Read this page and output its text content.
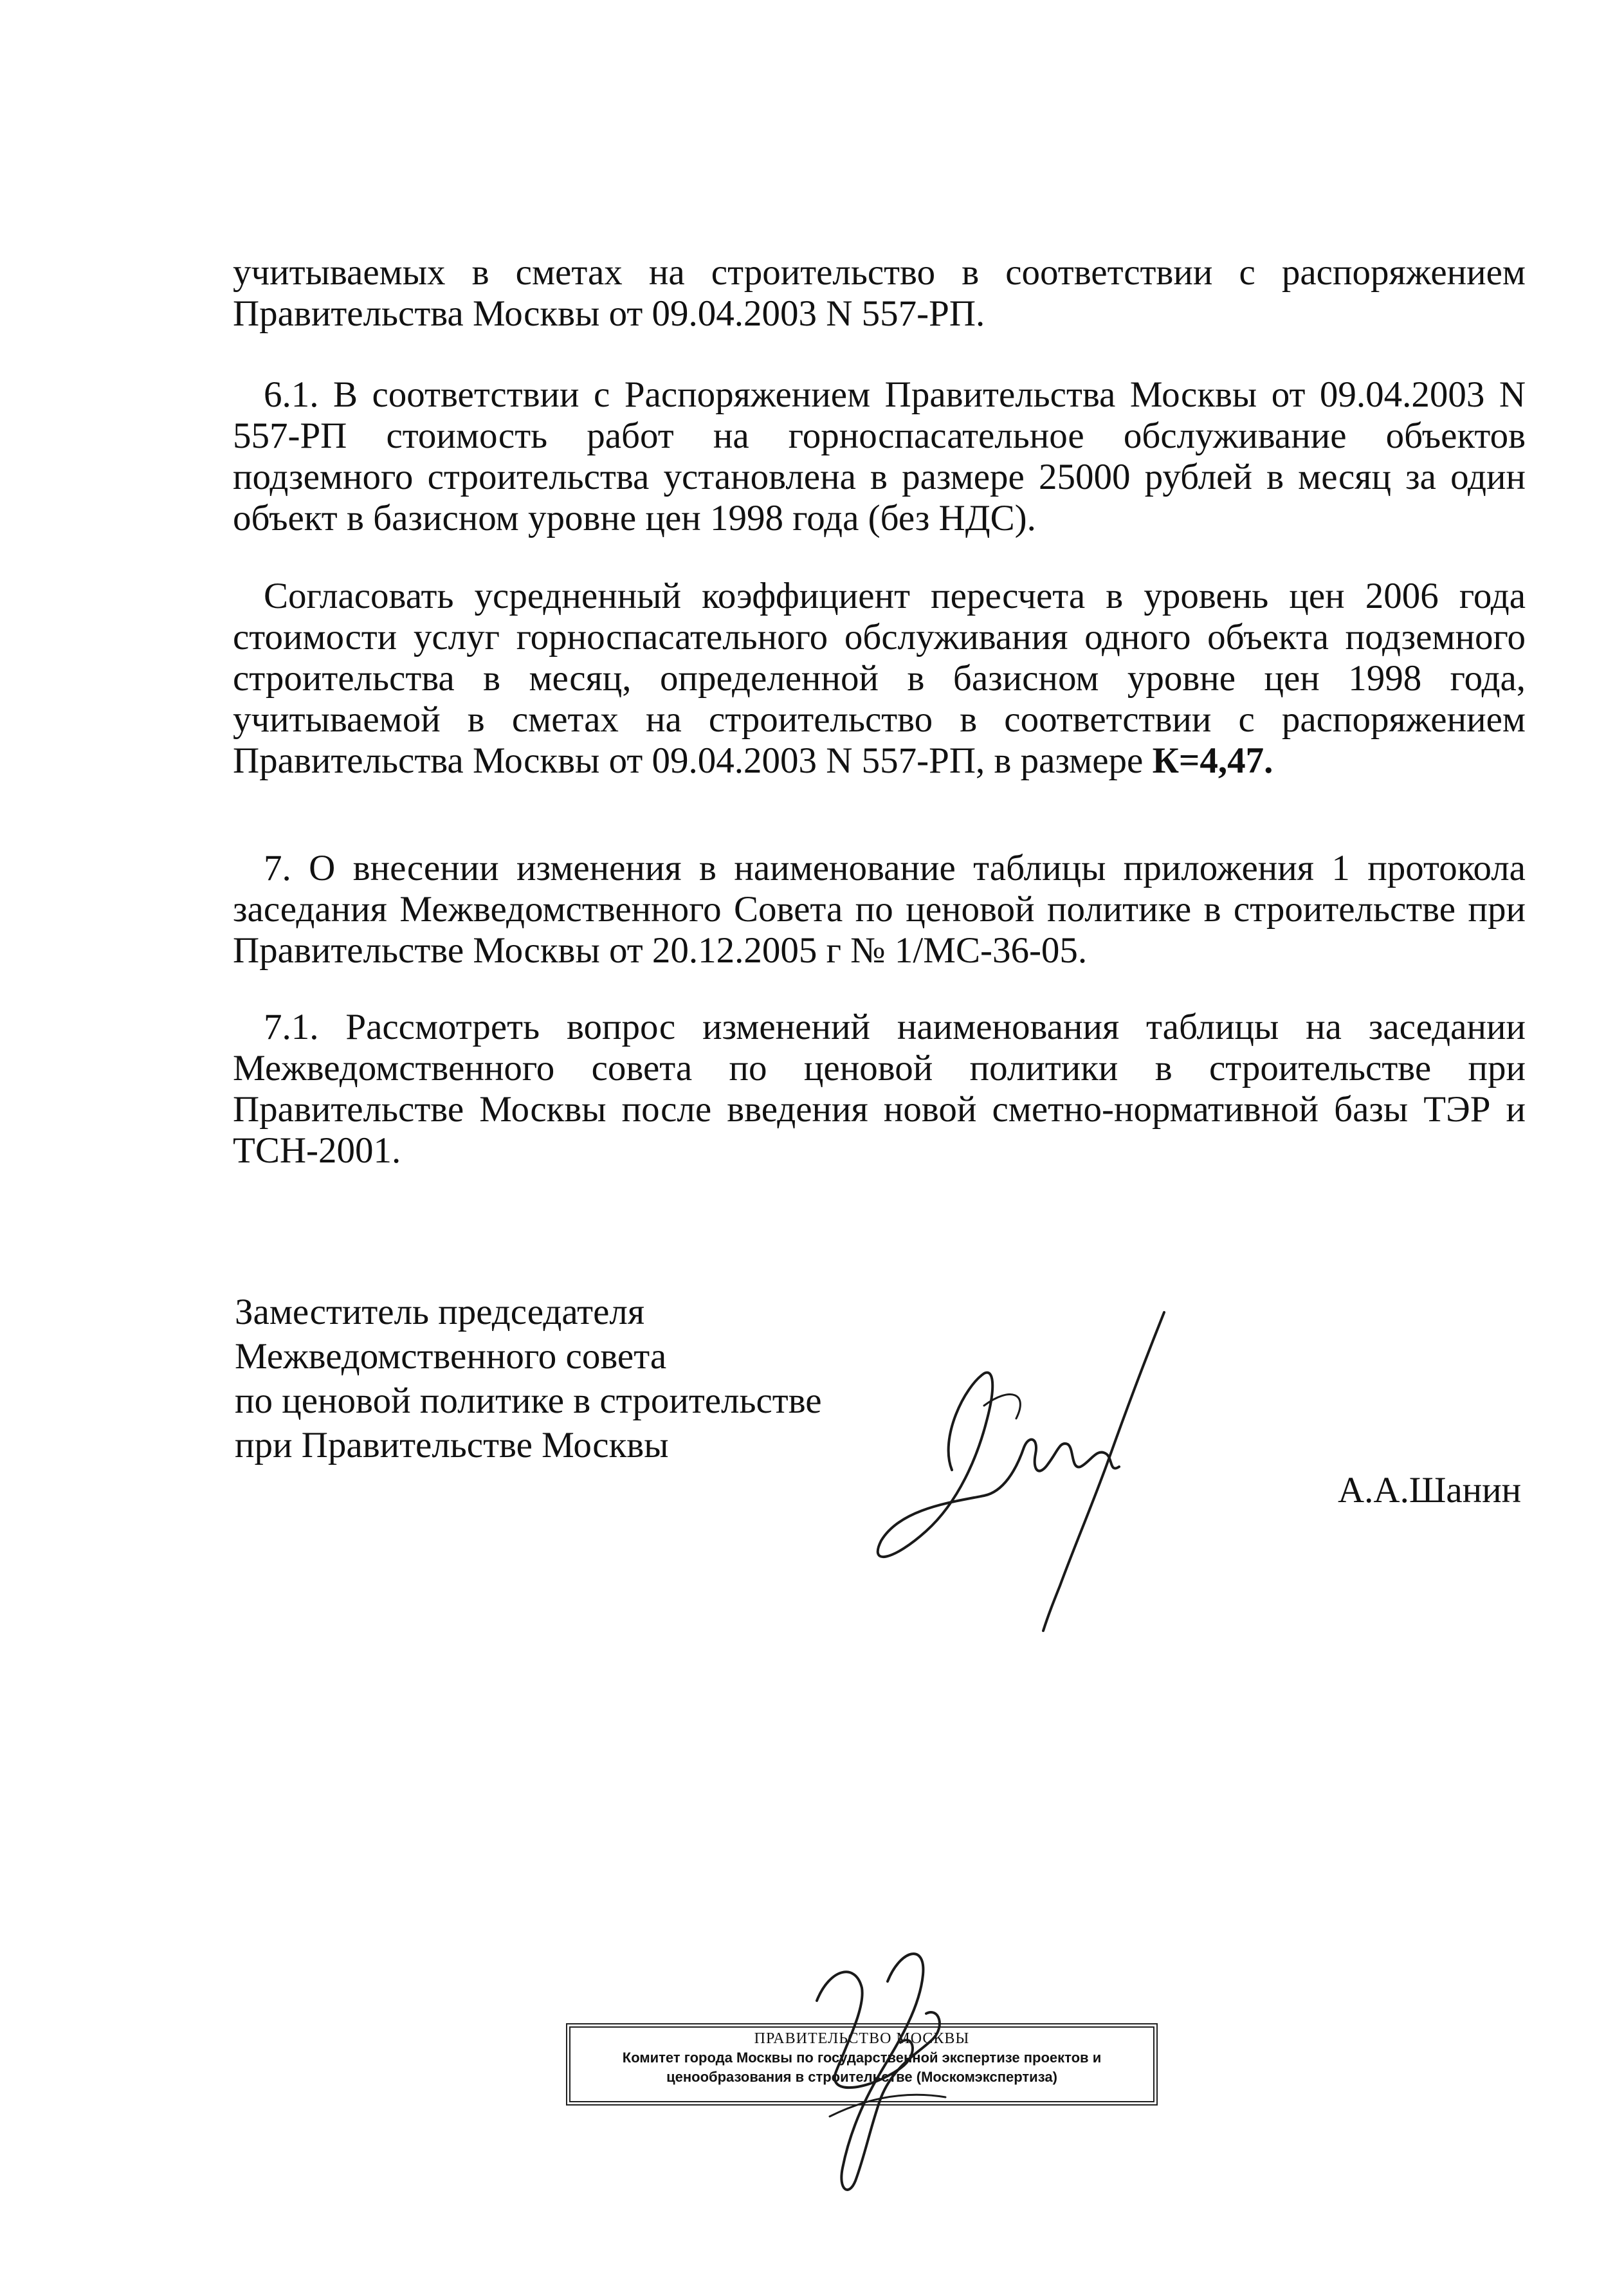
учитываемых в сметах на строительство в соответствии с распоряжением Правительства Москвы от 09.04.2003 N 557-РП.

6.1. В соответствии с Распоряжением Правительства Москвы от 09.04.2003 N 557-РП стоимость работ на горноспасательное обслуживание объектов подземного строительства установлена в размере 25000 рублей в месяц за один объект в базисном уровне цен 1998 года (без НДС).

Согласовать усредненный коэффициент пересчета в уровень цен 2006 года стоимости услуг горноспасательного обслуживания одного объекта подземного строительства в месяц, определенной в базисном уровне цен 1998 года, учитываемой в сметах на строительство в соответствии с распоряжением Правительства Москвы от 09.04.2003 N 557-РП, в размере К=4,47.

7. О внесении изменения в наименование таблицы приложения 1 протокола заседания Межведомственного Совета по ценовой политике в строительстве при Правительстве Москвы от 20.12.2005 г № 1/МС-36-05.

7.1. Рассмотреть вопрос изменений наименования таблицы на заседании Межведомственного совета по ценовой политики в строительстве при Правительстве Москвы после введения новой сметно-нормативной базы ТЭР и ТСН-2001.

Заместитель председателя
Межведомственного совета
по ценовой политике в строительстве
при Правительстве Москвы
А.А.Шанин
ПРАВИТЕЛЬСТВО МОСКВЫ
Комитет города Москвы по государственной экспертизе проектов и
ценообразования в строительстве (Москомэкспертиза)
